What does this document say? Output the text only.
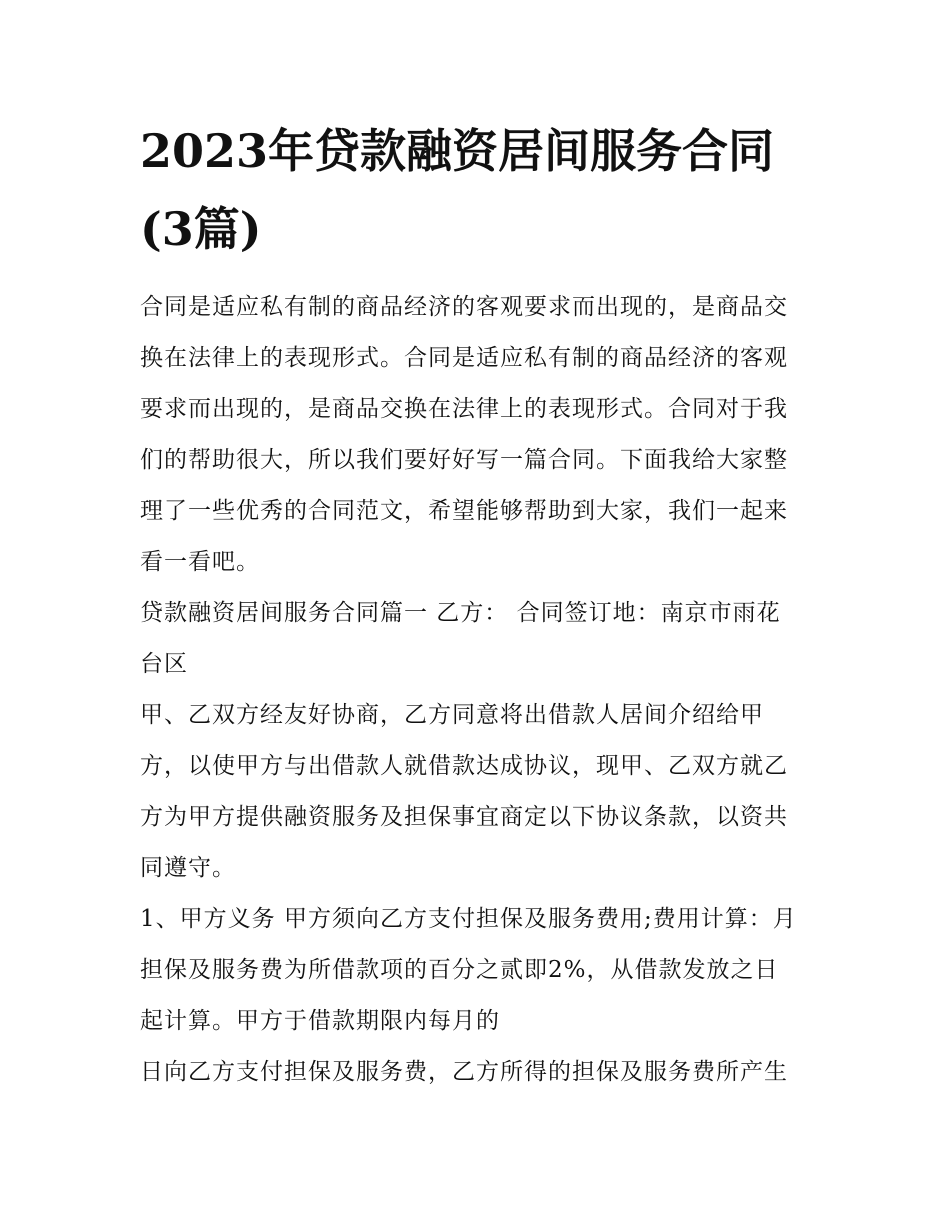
2023年贷款融资居间服务合同
(3篇)

合同是适应私有制的商品经济的客观要求而出现的，是商品交
换在法律上的表现形式。合同是适应私有制的商品经济的客观
要求而出现的，是商品交换在法律上的表现形式。合同对于我
们的帮助很大，所以我们要好好写一篇合同。下面我给大家整
理了一些优秀的合同范文，希望能够帮助到大家，我们一起来
看一看吧。

贷款融资居间服务合同篇一 乙方： 合同签订地：南京市雨花
台区

甲、乙双方经友好协商，乙方同意将出借款人居间介绍给甲
方，以使甲方与出借款人就借款达成协议，现甲、乙双方就乙
方为甲方提供融资服务及担保事宜商定以下协议条款，以资共
同遵守。

1、甲方义务 甲方须向乙方支付担保及服务费用;费用计算：月
担保及服务费为所借款项的百分之贰即2%，从借款发放之日
起计算。甲方于借款期限内每月的

日向乙方支付担保及服务费，乙方所得的担保及服务费所产生
